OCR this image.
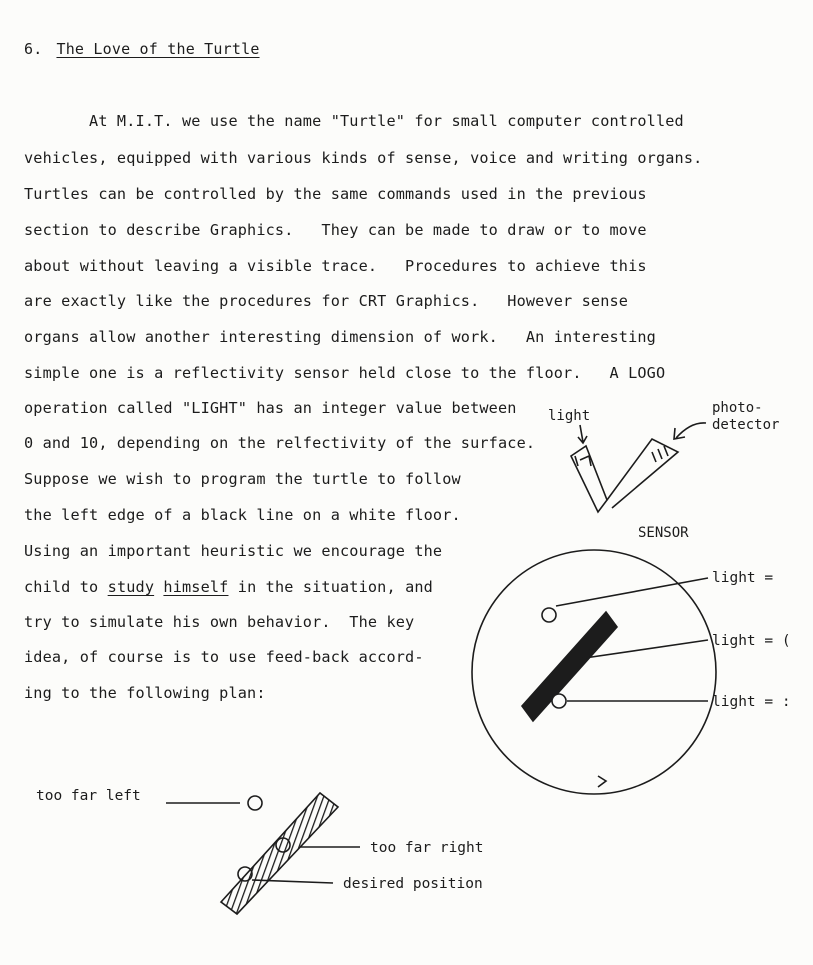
6. The Love of the Turtle
At M.I.T. we use the name "Turtle" for small computer controlled
vehicles, equipped with various kinds of sense, voice and writing organs.
Turtles can be controlled by the same commands used in the previous
section to describe Graphics.   They can be made to draw or to move
about without leaving a visible trace.   Procedures to achieve this
are exactly like the procedures for CRT Graphics.   However sense
organs allow another interesting dimension of work.   An interesting
simple one is a reflectivity sensor held close to the floor.   A LOGO
operation called "LIGHT" has an integer value between
0 and 10, depending on the relfectivity of the surface.
Suppose we wish to program the turtle to follow
the left edge of a black line on a white floor.
Using an important heuristic we encourage the
child to study himself in the situation, and
try to simulate his own behavior.  The key
idea, of course is to use feed-back accord-
ing to the following plan:
light	photo-
detector
SENSOR
light =
light = (
light = :
too far left
too far right
desired position
